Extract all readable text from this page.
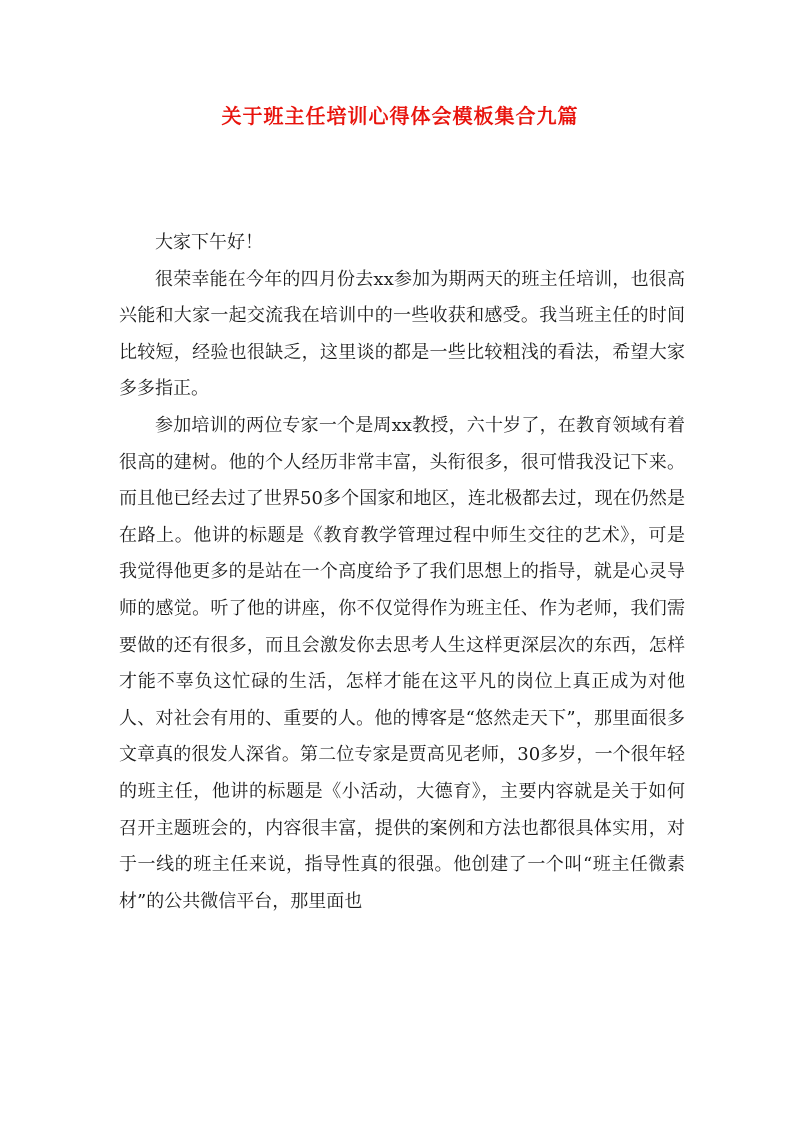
关于班主任培训心得体会模板集合九篇

大家下午好！

很荣幸能在今年的四月份去xx参加为期两天的班主任培训，也很高兴能和大家一起交流我在培训中的一些收获和感受。我当班主任的时间比较短，经验也很缺乏，这里谈的都是一些比较粗浅的看法，希望大家多多指正。

参加培训的两位专家一个是周xx教授，六十岁了，在教育领域有着很高的建树。他的个人经历非常丰富，头衔很多，很可惜我没记下来。而且他已经去过了世界50多个国家和地区，连北极都去过，现在仍然是在路上。他讲的标题是《教育教学管理过程中师生交往的艺术》，可是我觉得他更多的是站在一个高度给予了我们思想上的指导，就是心灵导师的感觉。听了他的讲座，你不仅觉得作为班主任、作为老师，我们需要做的还有很多，而且会激发你去思考人生这样更深层次的东西，怎样才能不辜负这忙碌的生活，怎样才能在这平凡的岗位上真正成为对他人、对社会有用的、重要的人。他的博客是“悠然走天下”，那里面很多文章真的很发人深省。第二位专家是贾高见老师，30多岁，一个很年轻的班主任，他讲的标题是《小活动，大德育》，主要内容就是关于如何召开主题班会的，内容很丰富，提供的案例和方法也都很具体实用，对于一线的班主任来说，指导性真的很强。他创建了一个叫“班主任微素材”的公共微信平台，那里面也
